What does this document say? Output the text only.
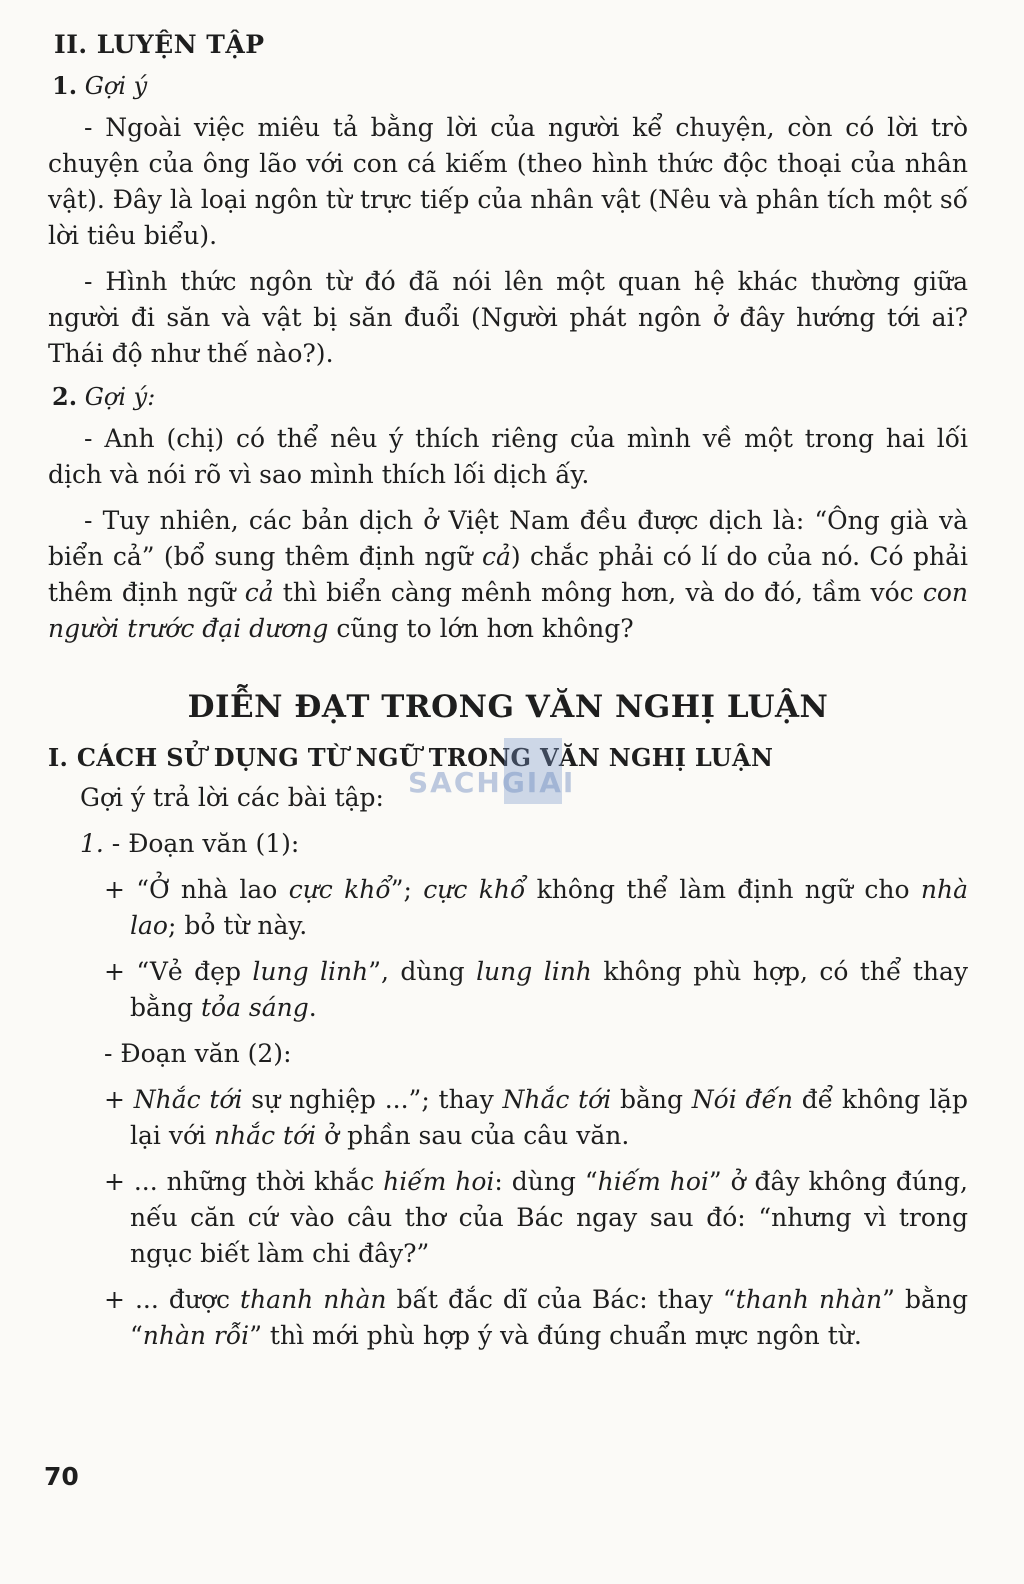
II. LUYỆN TẬP
1. Gợi ý

- Ngoài việc miêu tả bằng lời của người kể chuyện, còn có lời trò chuyện của ông lão với con cá kiếm (theo hình thức độc thoại của nhân vật). Đây là loại ngôn từ trực tiếp của nhân vật (Nêu và phân tích một số lời tiêu biểu).

- Hình thức ngôn từ đó đã nói lên một quan hệ khác thường giữa người đi săn và vật bị săn đuổi (Người phát ngôn ở đây hướng tới ai? Thái độ như thế nào?).

2. Gợi ý:

- Anh (chị) có thể nêu ý thích riêng của mình về một trong hai lối dịch và nói rõ vì sao mình thích lối dịch ấy.

- Tuy nhiên, các bản dịch ở Việt Nam đều được dịch là: “Ông già và biển cả” (bổ sung thêm định ngữ cả) chắc phải có lí do của nó. Có phải thêm định ngữ cả thì biển càng mênh mông hơn, và do đó, tầm vóc con người trước đại dương cũng to lớn hơn không?

DIỄN ĐẠT TRONG VĂN NGHỊ LUẬN
I. CÁCH SỬ DỤNG TỪ NGỮ TRONG VĂN NGHỊ LUẬN
Gợi ý trả lời các bài tập:
1. - Đoạn văn (1):

+ “Ở nhà lao cực khổ”; cực khổ không thể làm định ngữ cho nhà lao; bỏ từ này.

+ “Vẻ đẹp lung linh”, dùng lung linh không phù hợp, có thể thay bằng tỏa sáng.

- Đoạn văn (2):

+ Nhắc tới sự nghiệp ...”; thay Nhắc tới bằng Nói đến để không lặp lại với nhắc tới ở phần sau của câu văn.

+ ... những thời khắc hiếm hoi: dùng “hiếm hoi” ở đây không đúng, nếu căn cứ vào câu thơ của Bác ngay sau đó: “nhưng vì trong ngục biết làm chi đây?”

+ ... được thanh nhàn bất đắc dĩ của Bác: thay “thanh nhàn” bằng “nhàn rỗi” thì mới phù hợp ý và đúng chuẩn mực ngôn từ.

SACHGIAI
70
